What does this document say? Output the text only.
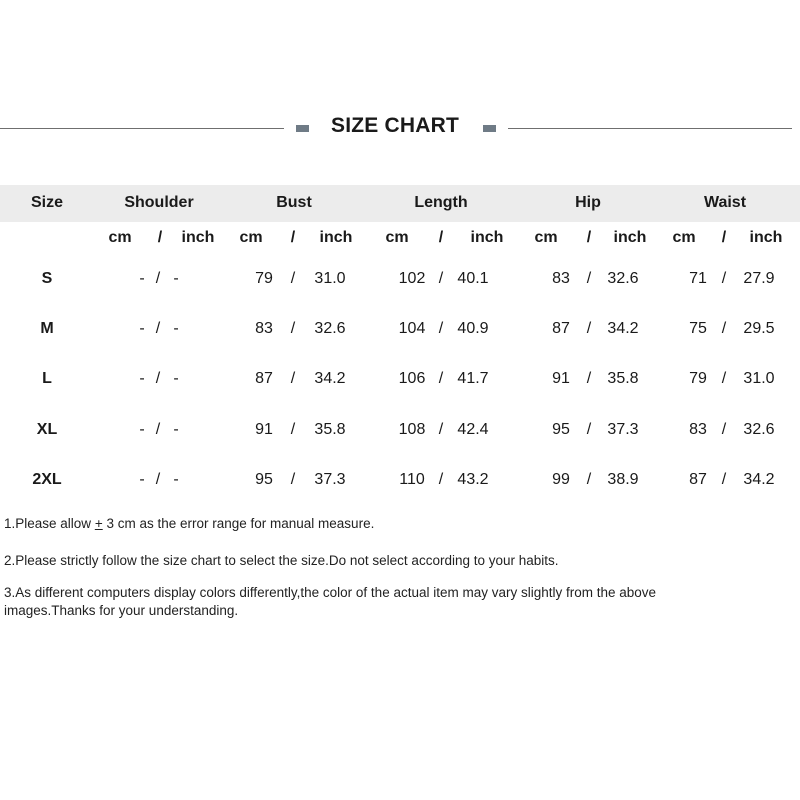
SIZE CHART
Size	Shoulder	Bust	Length	Hip	Waist
cm	/	inch	cm	/	inch	cm	/	inch	cm	/	inch	cm	/	inch
S	- / -	79	/	31.0	102 / 40.1	83	/	32.6	71 /	27.9
M	- / -	83	/	32.6	104 / 40.9	87	/	34.2	75 /	29.5
L	- / -	87	/	34.2	106 / 41.7	91	/	35.8	79 /	31.0
XL	- / -	91	/	35.8	108 / 42.4	95	/	37.3	83 /	32.6
2XL	- / -	95	/	37.3	110 / 43.2	99	/	38.9	87 /	34.2
1.Please allow + 3 cm as the error range for manual measure.
2.Please strictly follow the size chart to select the size.Do not select according to your habits.
3.As different computers display colors differently,the color of the actual item may vary slightly from the above
images.Thanks for your understanding.
